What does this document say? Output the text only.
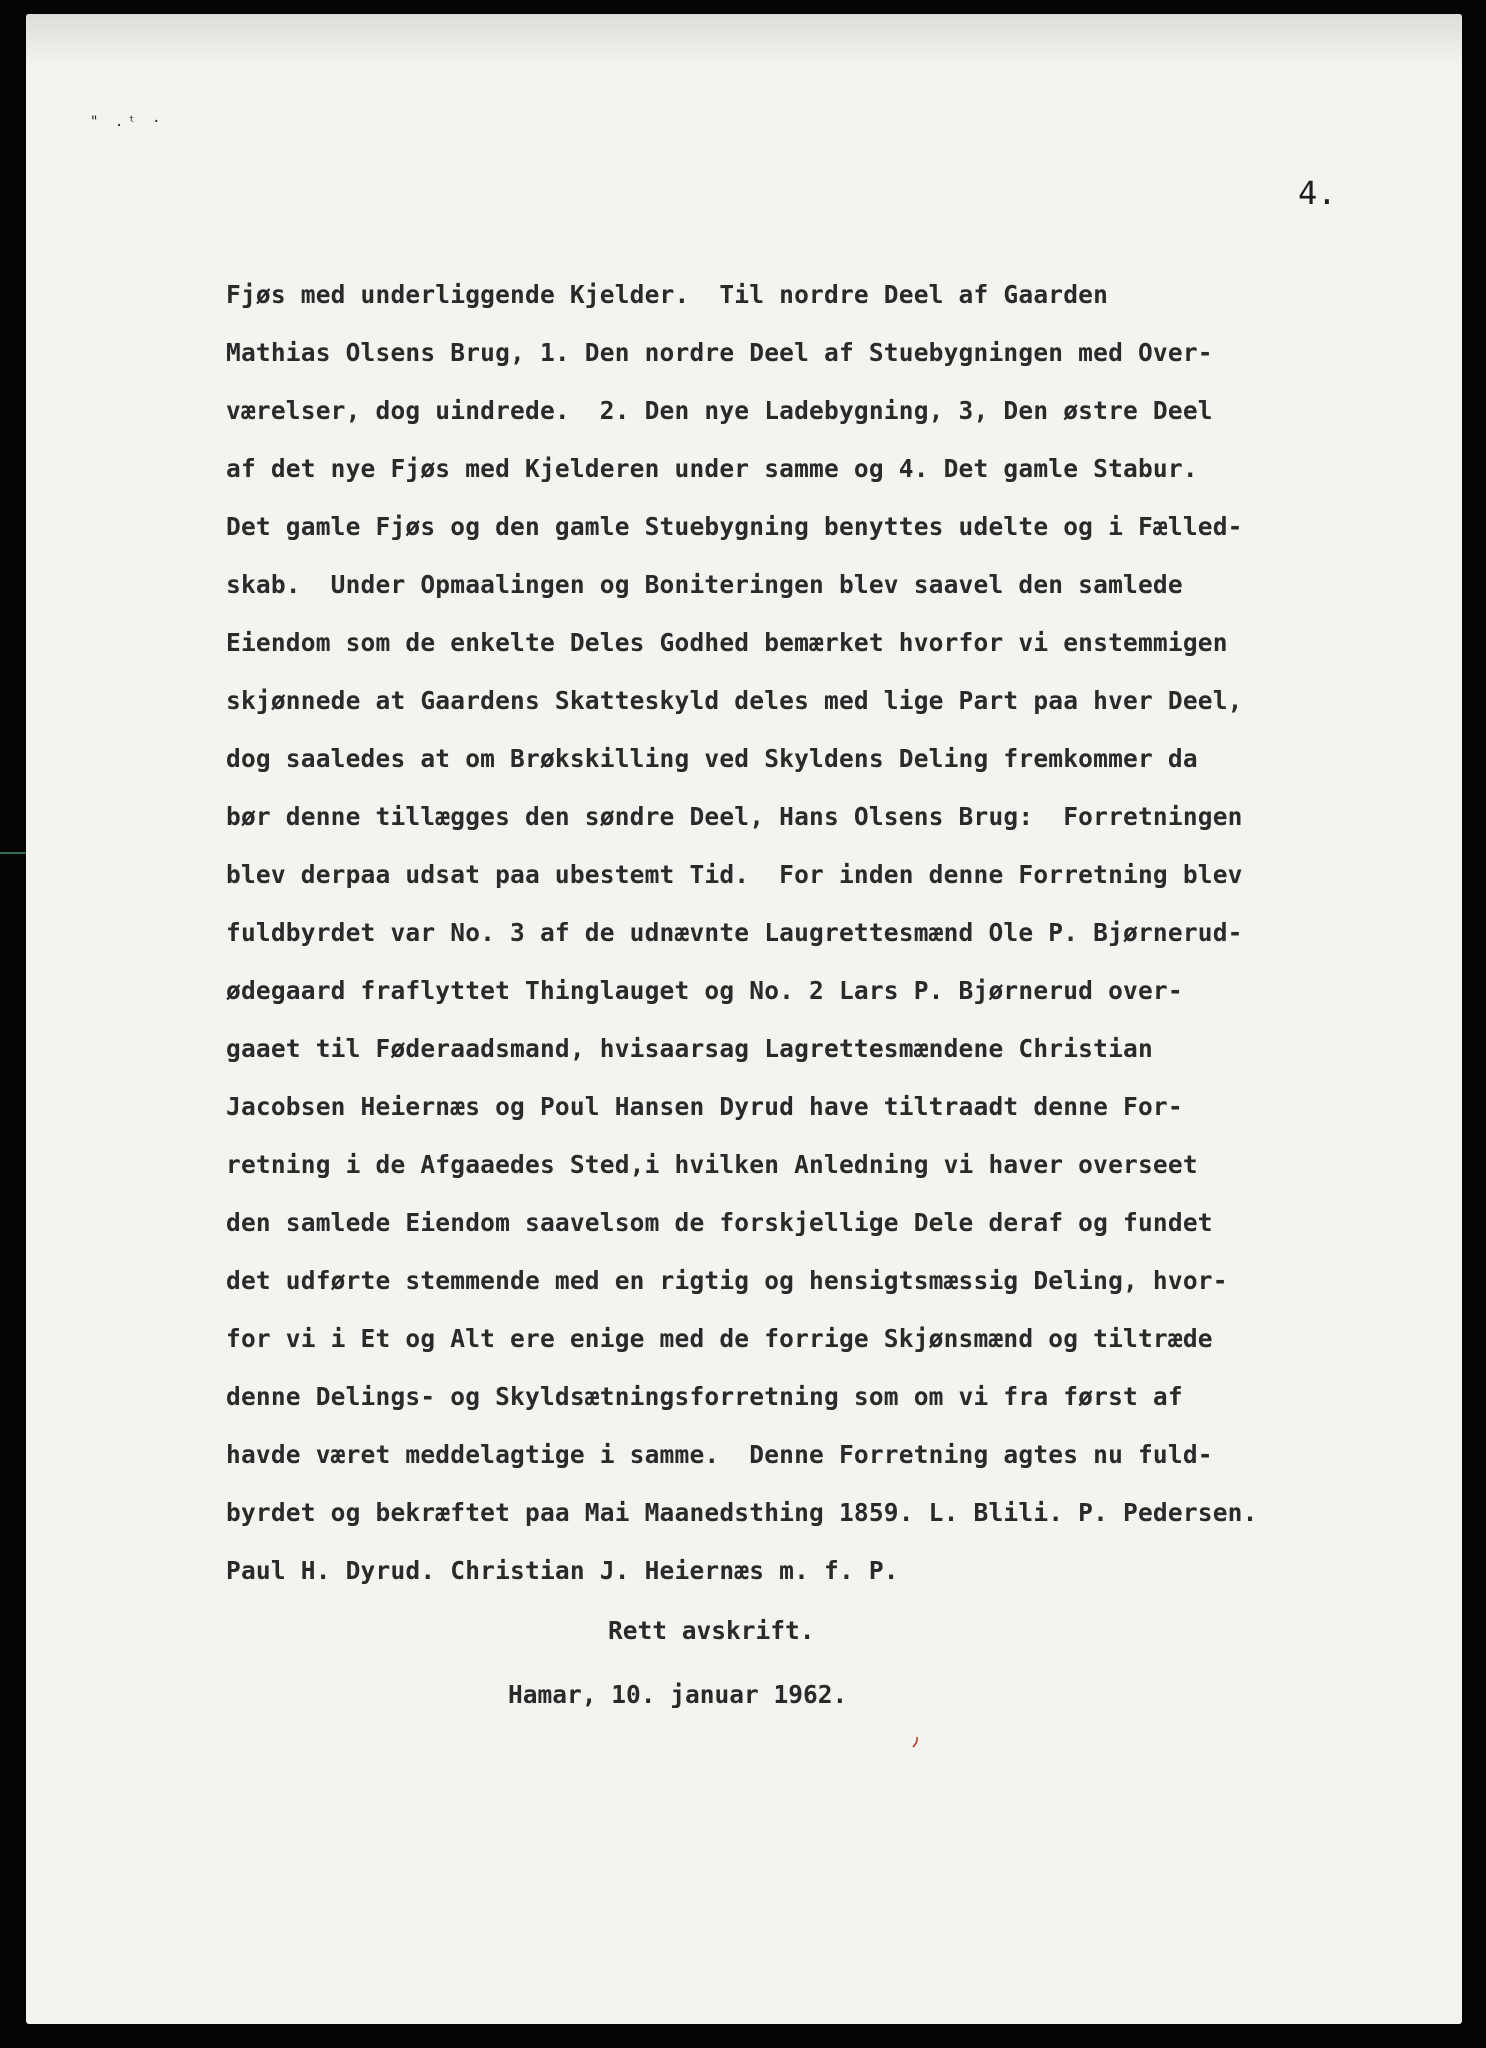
" .ᵗ ·
4.
Fjøs med underliggende Kjelder.  Til nordre Deel af Gaarden
Mathias Olsens Brug, 1. Den nordre Deel af Stuebygningen med Over-
værelser, dog uindrede.  2. Den nye Ladebygning, 3, Den østre Deel
af det nye Fjøs med Kjelderen under samme og 4. Det gamle Stabur.
Det gamle Fjøs og den gamle Stuebygning benyttes udelte og i Fælled-
skab.  Under Opmaalingen og Boniteringen blev saavel den samlede
Eiendom som de enkelte Deles Godhed bemærket hvorfor vi enstemmigen
skjønnede at Gaardens Skatteskyld deles med lige Part paa hver Deel,
dog saaledes at om Brøkskilling ved Skyldens Deling fremkommer da
bør denne tillægges den søndre Deel, Hans Olsens Brug:  Forretningen
blev derpaa udsat paa ubestemt Tid.  For inden denne Forretning blev
fuldbyrdet var No. 3 af de udnævnte Laugrettesmænd Ole P. Bjørnerud-
ødegaard fraflyttet Thinglauget og No. 2 Lars P. Bjørnerud over-
gaaet til Føderaadsmand, hvisaarsag Lagrettesmændene Christian
Jacobsen Heiernæs og Poul Hansen Dyrud have tiltraadt denne For-
retning i de Afgaaedes Sted,i hvilken Anledning vi haver overseet
den samlede Eiendom saavelsom de forskjellige Dele deraf og fundet
det udførte stemmende med en rigtig og hensigtsmæssig Deling, hvor-
for vi i Et og Alt ere enige med de forrige Skjønsmænd og tiltræde
denne Delings- og Skyldsætningsforretning som om vi fra først af
havde været meddelagtige i samme.  Denne Forretning agtes nu fuld-
byrdet og bekræftet paa Mai Maanedsthing 1859. L. Blili. P. Pedersen.
Paul H. Dyrud. Christian J. Heiernæs m. f. P.
Rett avskrift.
Hamar, 10. januar 1962.
